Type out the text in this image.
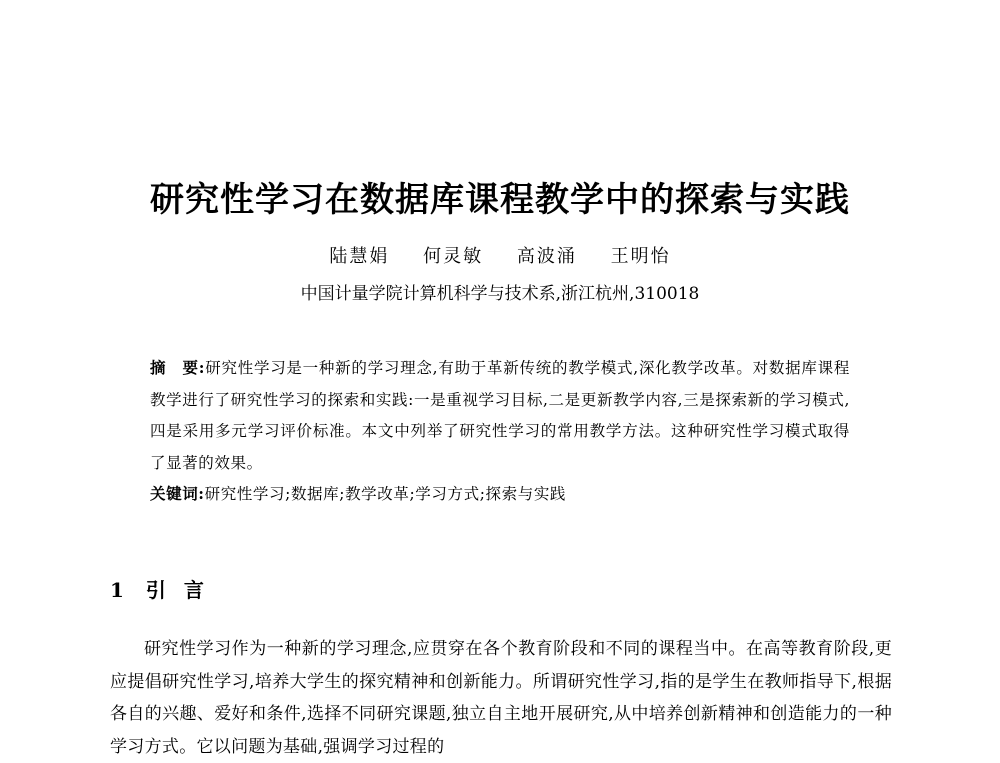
研究性学习在数据库课程教学中的探索与实践
陆慧娟 何灵敏 高波涌 王明怡
中国计量学院计算机科学与技术系,浙江杭州,310018
摘　要:研究性学习是一种新的学习理念,有助于革新传统的教学模式,深化教学改革。对数据库课程教学进行了研究性学习的探索和实践:一是重视学习目标,二是更新教学内容,三是探索新的学习模式,四是采用多元学习评价标准。本文中列举了研究性学习的常用教学方法。这种研究性学习模式取得了显著的效果。
关键词:研究性学习;数据库;教学改革;学习方式;探索与实践
1 引言
研究性学习作为一种新的学习理念,应贯穿在各个教育阶段和不同的课程当中。在高等教育阶段,更应提倡研究性学习,培养大学生的探究精神和创新能力。所谓研究性学习,指的是学生在教师指导下,根据各自的兴趣、爱好和条件,选择不同研究课题,独立自主地开展研究,从中培养创新精神和创造能力的一种学习方式。它以问题为基础,强调学习过程的
